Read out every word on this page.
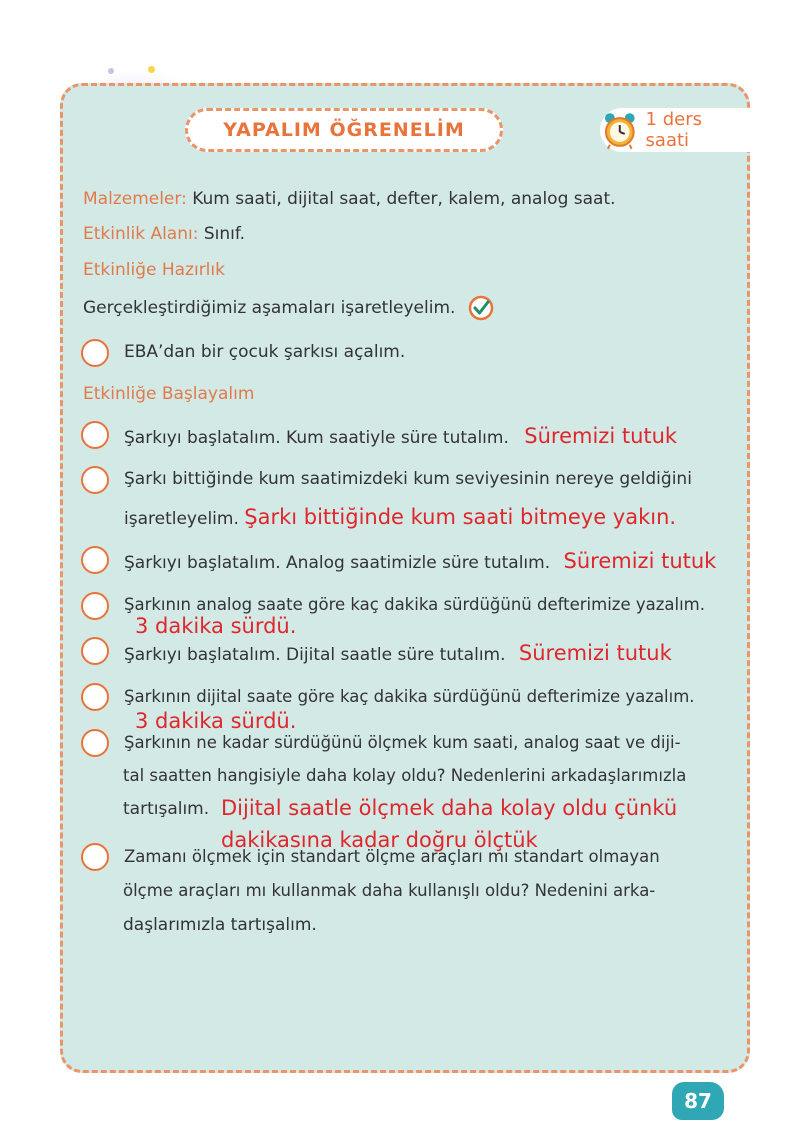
YAPALIM ÖĞRENELİM	1 ders saati
Malzemeler: Kum saati, dijital saat, defter, kalem, analog saat.
Etkinlik Alanı: Sınıf.
Etkinliğe Hazırlık
Gerçekleştirdiğimiz aşamaları işaretleyelim.
EBA’dan bir çocuk şarkısı açalım.
Etkinliğe Başlayalım
Şarkıyı başlatalım. Kum saatiyle süre tutalım. Süremizi tutuk
Şarkı bittiğinde kum saatimizdeki kum seviyesinin nereye geldiğini
işaretleyelim. Şarkı bittiğinde kum saati bitmeye yakın.
Şarkıyı başlatalım. Analog saatimizle süre tutalım. Süremizi tutuk
Şarkının analog saate göre kaç dakika sürdüğünü defterimize yazalım.
3 dakika sürdü.
Şarkıyı başlatalım. Dijital saatle süre tutalım. Süremizi tutuk
Şarkının dijital saate göre kaç dakika sürdüğünü defterimize yazalım.
3 dakika sürdü.
Şarkının ne kadar sürdüğünü ölçmek kum saati, analog saat ve diji-
tal saatten hangisiyle daha kolay oldu? Nedenlerini arkadaşlarımızla
tartışalım. Dijital saatle ölçmek daha kolay oldu çünkü
dakikasına kadar doğru ölçtük
Zamanı ölçmek için standart ölçme araçları mı standart olmayan
ölçme araçları mı kullanmak daha kullanışlı oldu? Nedenini arka-
daşlarımızla tartışalım.
87
